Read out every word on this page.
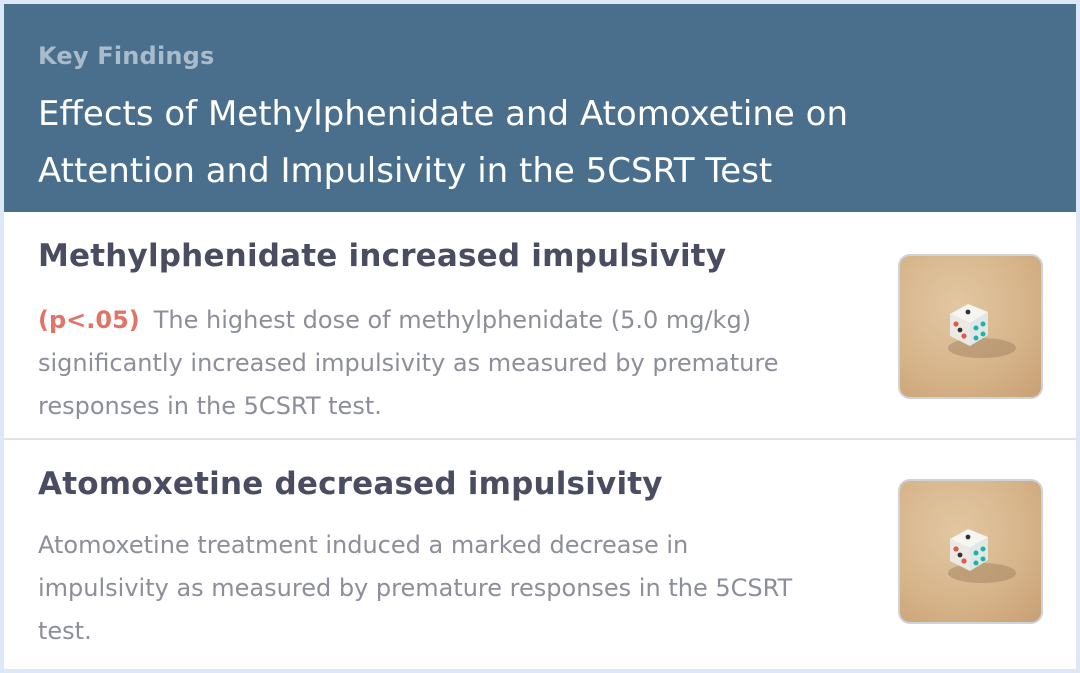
Key Findings
Effects of Methylphenidate and Atomoxetine on
Attention and Impulsivity in the 5CSRT Test
Methylphenidate increased impulsivity

(p<.05) The highest dose of methylphenidate (5.0 mg/kg) significantly increased impulsivity as measured by premature responses in the 5CSRT test.

Atomoxetine decreased impulsivity

Atomoxetine treatment induced a marked decrease in impulsivity as measured by premature responses in the 5CSRT test.
